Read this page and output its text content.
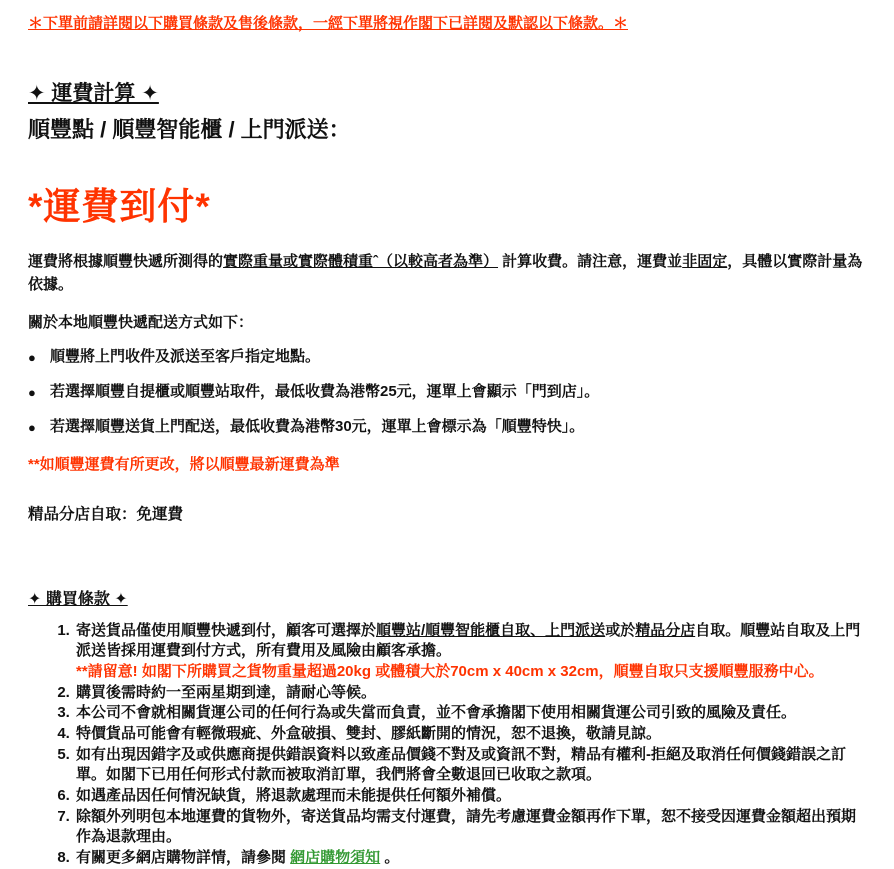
＊下單前請詳閱以下購買條款及售後條款，一經下單將視作閣下已詳閱及默認以下條款。＊

✦ 運費計算 ✦
順豐點 / 順豐智能櫃 / 上門派送：
*運費到付*

運費將根據順豐快遞所測得的實際重量或實際體積重ˆ（以較高者為準） 計算收費。請注意，運費並非固定，具體以實際計量為依據。

關於本地順豐快遞配送方式如下：

● 順豐將上門收件及派送至客戶指定地點。
● 若選擇順豐自提櫃或順豐站取件，最低收費為港幣25元，運單上會顯示「門到店」。
● 若選擇順豐送貨上門配送，最低收費為港幣30元，運單上會標示為「順豐特快」。

**如順豐運費有所更改，將以順豐最新運費為準

精品分店自取：免運費

✦ 購買條款 ✦
1. 寄送貨品僅使用順豐快遞到付，顧客可選擇於順豐站/順豐智能櫃自取、上門派送或於精品分店自取。順豐站自取及上門派送皆採用運費到付方式，所有費用及風險由顧客承擔。
**請留意! 如閣下所購買之貨物重量超過20kg 或體積大於70cm x 40cm x 32cm，順豐自取只支援順豐服務中心。
2. 購買後需時約一至兩星期到達，請耐心等候。
3. 本公司不會就相關貨運公司的任何行為或失當而負責，並不會承擔閣下使用相關貨運公司引致的風險及責任。
4. 特價貨品可能會有輕微瑕疵、外盒破損、雙封、膠紙斷開的情況，恕不退換，敬請見諒。
5. 如有出現因錯字及或供應商提供錯誤資料以致產品價錢不對及或資訊不對，精品有權利-拒絕及取消任何價錢錯誤之訂單。如閣下已用任何形式付款而被取消訂單，我們將會全數退回已收取之款項。
6. 如遇產品因任何情況缺貨，將退款處理而未能提供任何額外補償。
7. 除額外列明包本地運費的貨物外，寄送貨品均需支付運費，請先考慮運費金額再作下單，恕不接受因運費金額超出預期作為退款理由。
8. 有關更多網店購物詳情，請參閱 網店購物須知 。
